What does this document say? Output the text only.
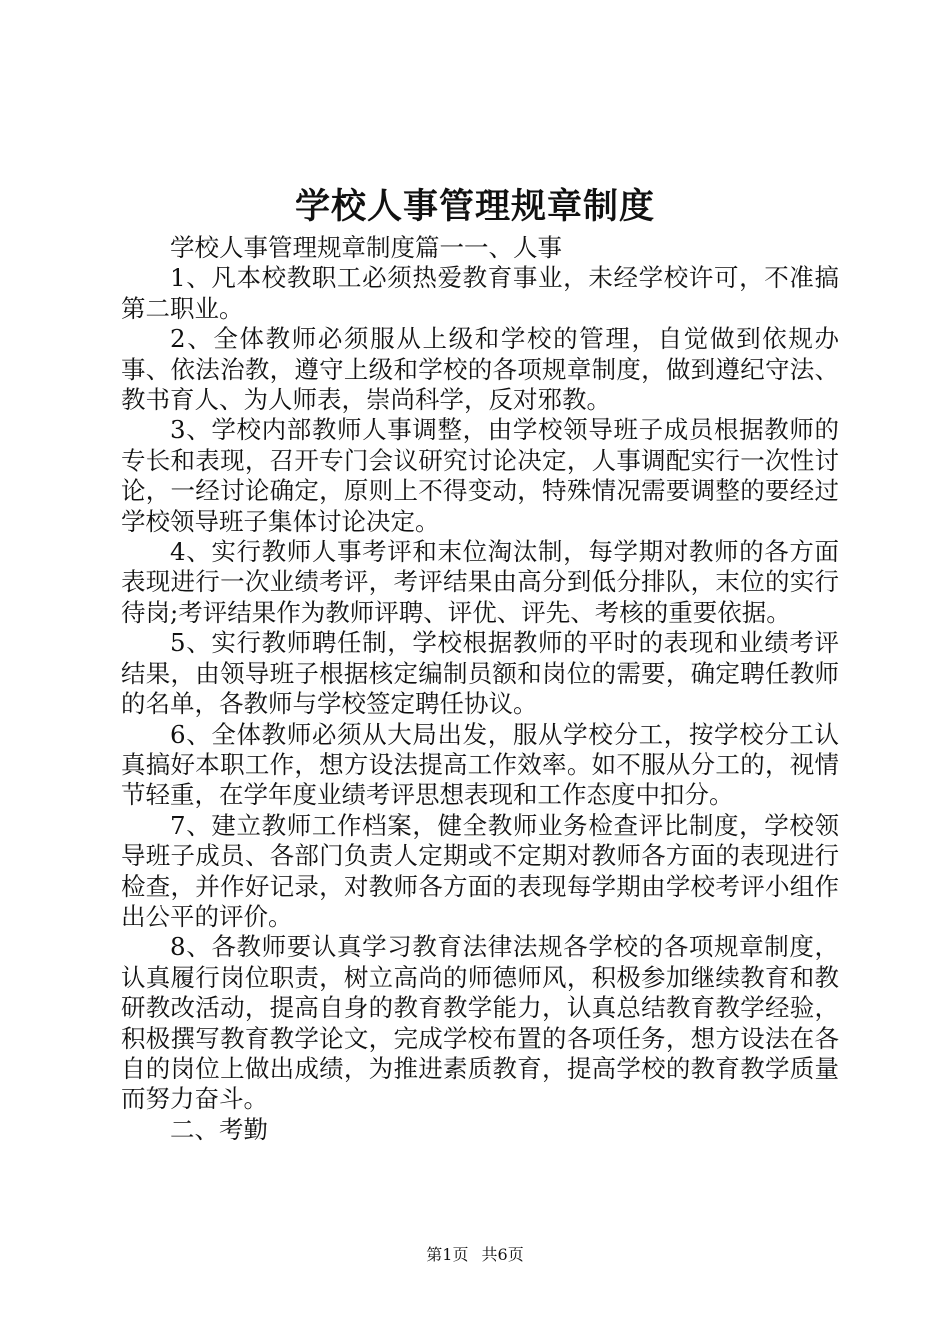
学校人事管理规章制度

学校人事管理规章制度篇一一、人事

1、凡本校教职工必须热爱教育事业，未经学校许可，不准搞第二职业。

2、全体教师必须服从上级和学校的管理，自觉做到依规办事、依法治教，遵守上级和学校的各项规章制度，做到遵纪守法、教书育人、为人师表，崇尚科学，反对邪教。

3、学校内部教师人事调整，由学校领导班子成员根据教师的专长和表现，召开专门会议研究讨论决定，人事调配实行一次性讨论，一经讨论确定，原则上不得变动，特殊情况需要调整的要经过学校领导班子集体讨论决定。

4、实行教师人事考评和末位淘汰制，每学期对教师的各方面表现进行一次业绩考评，考评结果由高分到低分排队，末位的实行待岗;考评结果作为教师评聘、评优、评先、考核的重要依据。

5、实行教师聘任制，学校根据教师的平时的表现和业绩考评结果，由领导班子根据核定编制员额和岗位的需要，确定聘任教师的名单，各教师与学校签定聘任协议。

6、全体教师必须从大局出发，服从学校分工，按学校分工认真搞好本职工作，想方设法提高工作效率。如不服从分工的，视情节轻重，在学年度业绩考评思想表现和工作态度中扣分。

7、建立教师工作档案，健全教师业务检查评比制度，学校领导班子成员、各部门负责人定期或不定期对教师各方面的表现进行检查，并作好记录，对教师各方面的表现每学期由学校考评小组作出公平的评价。

8、各教师要认真学习教育法律法规各学校的各项规章制度，认真履行岗位职责，树立高尚的师德师风，积极参加继续教育和教研教改活动，提高自身的教育教学能力，认真总结教育教学经验，积极撰写教育教学论文，完成学校布置的各项任务，想方设法在各自的岗位上做出成绩，为推进素质教育，提高学校的教育教学质量而努力奋斗。

二、考勤

第1页 共6页
